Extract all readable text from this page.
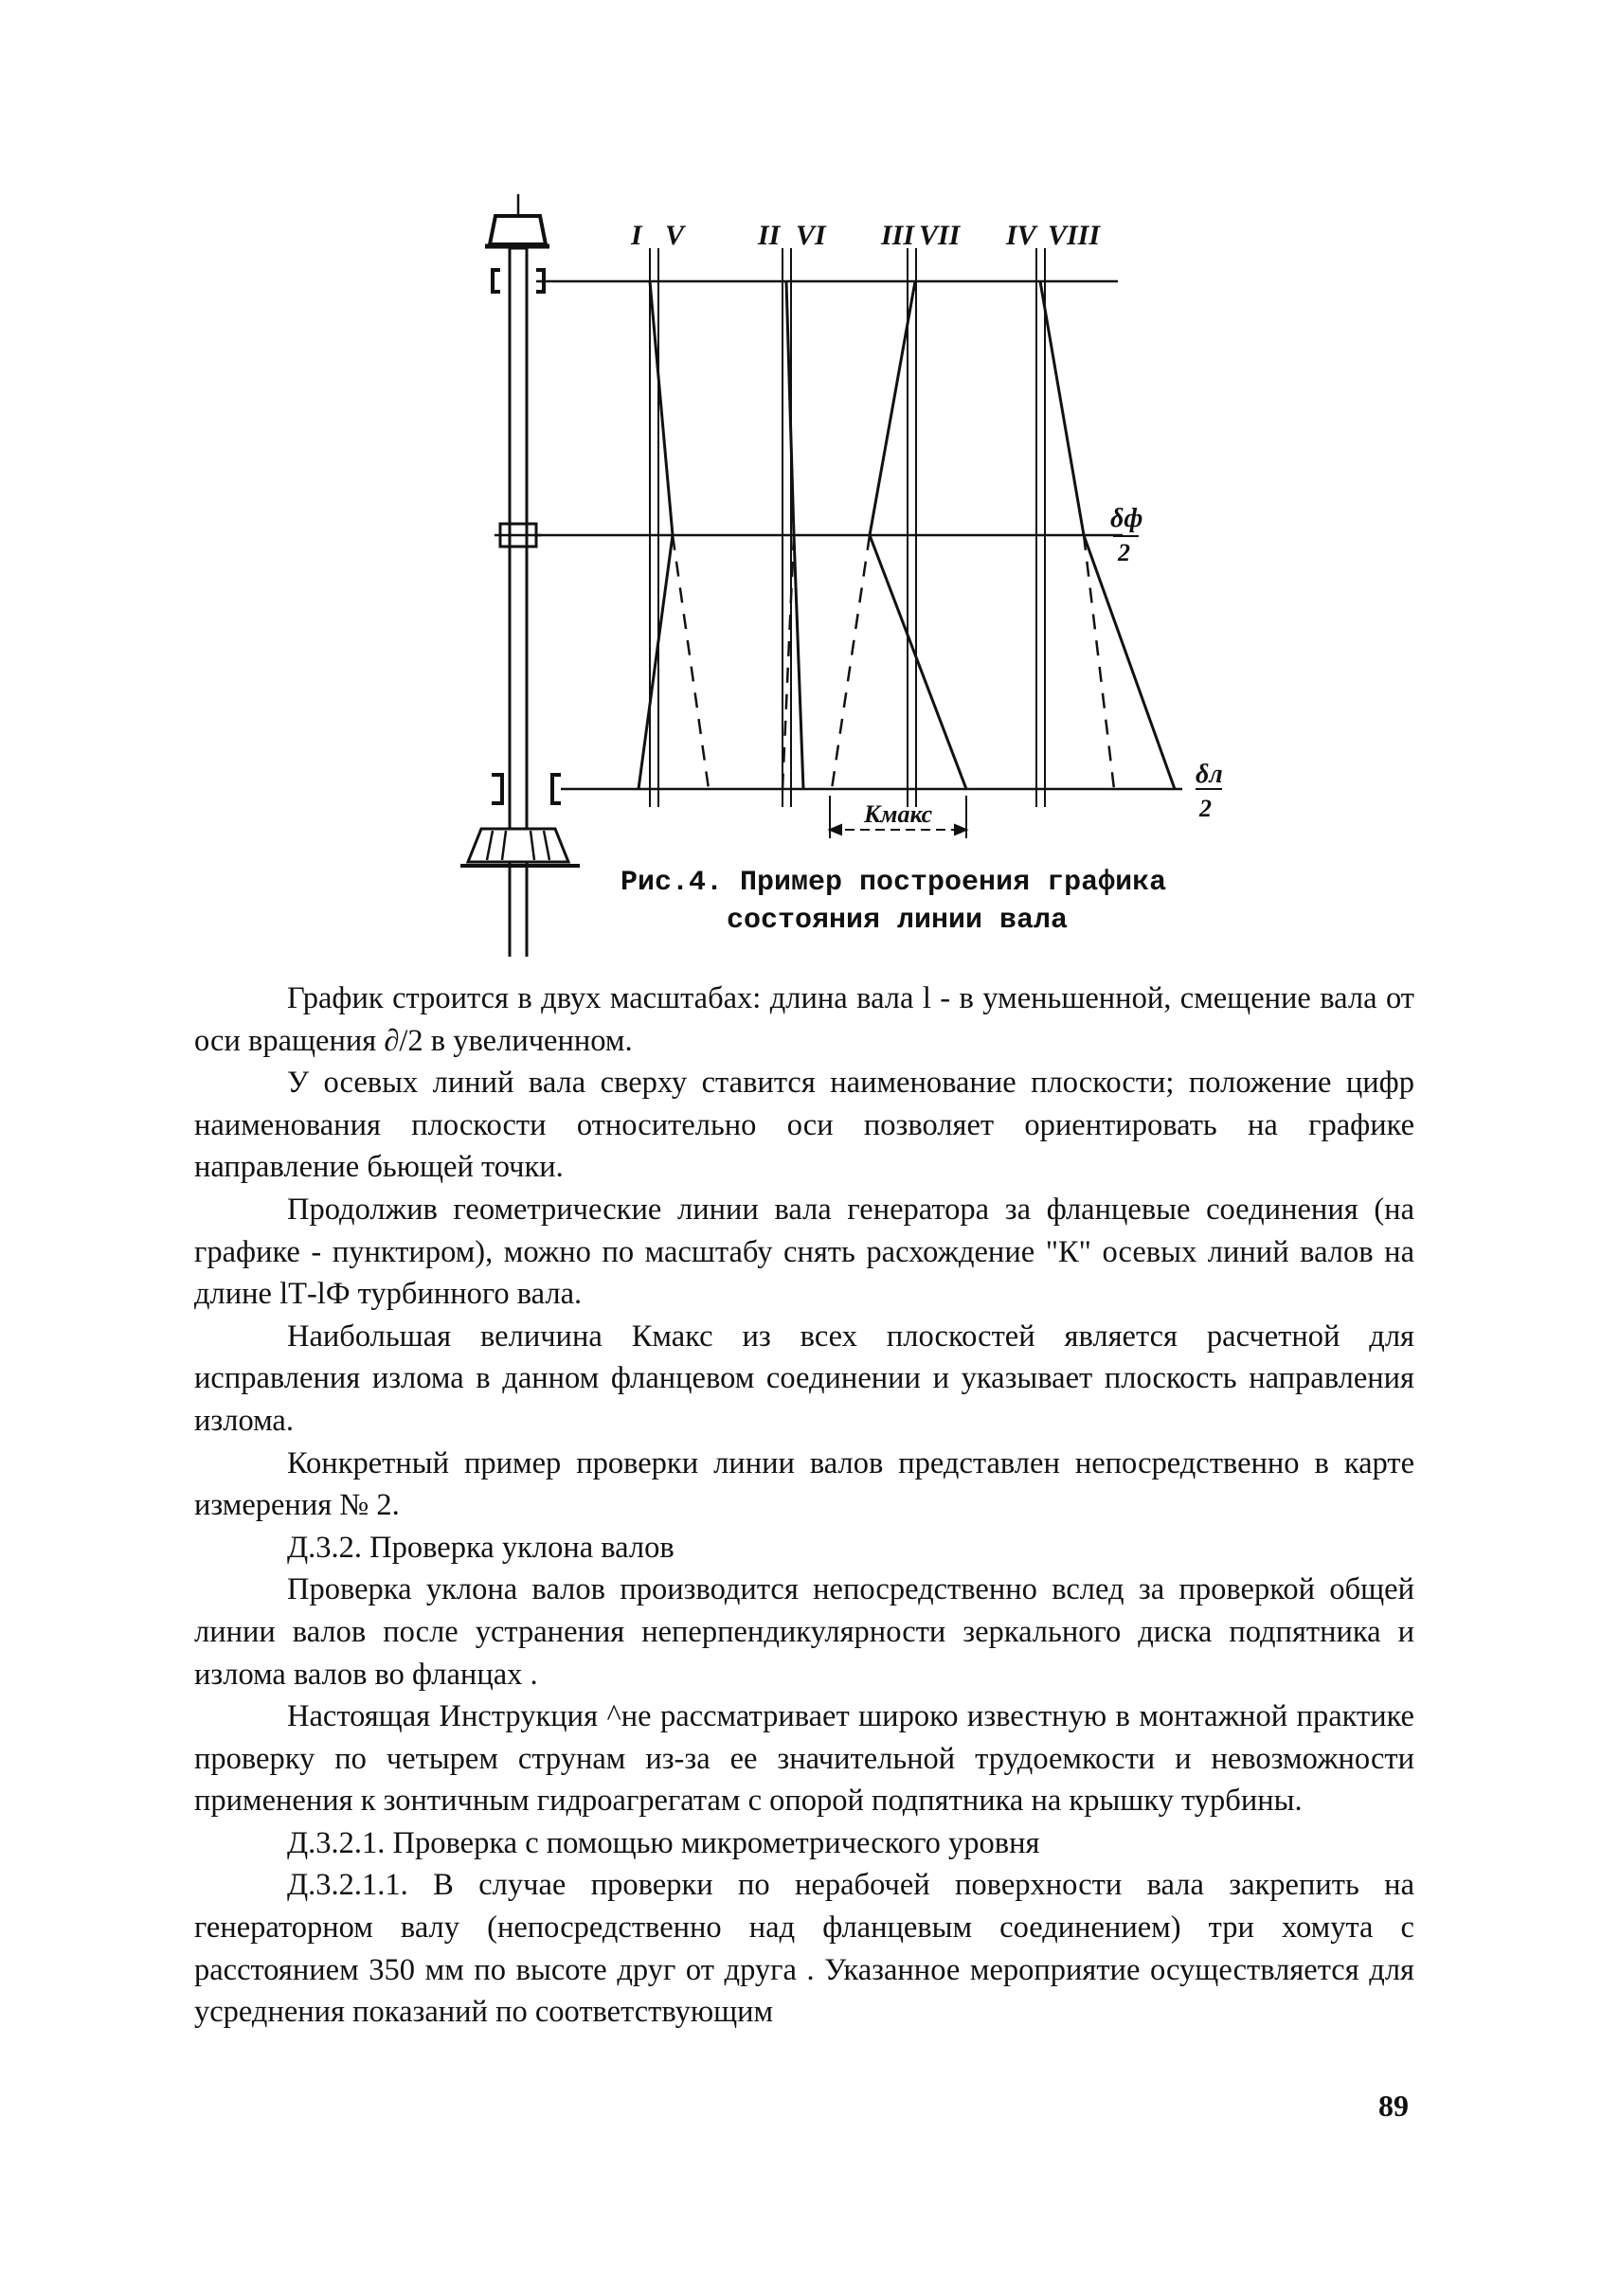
I V	II VI III VII IV VIII
δф
2
δл
2
Кмакс
Рис.4. Пример построения графика
состояния линии вала

График строится в двух масштабах: длина вала l - в уменьшенной, смещение вала от оси вращения ∂/2 в увеличенном.

У осевых линий вала сверху ставится наименование плоскости; положение цифр наименования плоскости относительно оси позволяет ориентировать на графике направление бьющей точки.

Продолжив геометрические линии вала генератора за фланцевые соединения (на графике - пунктиром), можно по масштабу снять расхождение "К" осевых линий валов на длине lТ-lФ турбинного вала.

Наибольшая величина Кмакс из всех плоскостей является расчетной для исправления излома в данном фланцевом соединении и указывает плоскость направления излома.

Конкретный пример проверки линии валов представлен непосредственно в карте измерения № 2.

Д.3.2. Проверка уклона валов

Проверка уклона валов производится непосредственно вслед за проверкой общей линии валов после устранения неперпендикулярности зеркального диска подпятника и излома валов во фланцах .

Настоящая Инструкция ^не рассматривает широко известную в монтажной практике проверку по четырем струнам из-за ее значительной трудоемкости и невозможности применения к зонтичным гидроагрегатам с опорой подпятника на крышку турбины.

Д.3.2.1. Проверка с помощью микрометрического уровня

Д.3.2.1.1. В случае проверки по нерабочей поверхности вала закрепить на генераторном валу (непосредственно над фланцевым соединением) три хомута с расстоянием 350 мм по высоте друг от друга . Указанное мероприятие осуществляется для усреднения показаний по соответствующим

89
